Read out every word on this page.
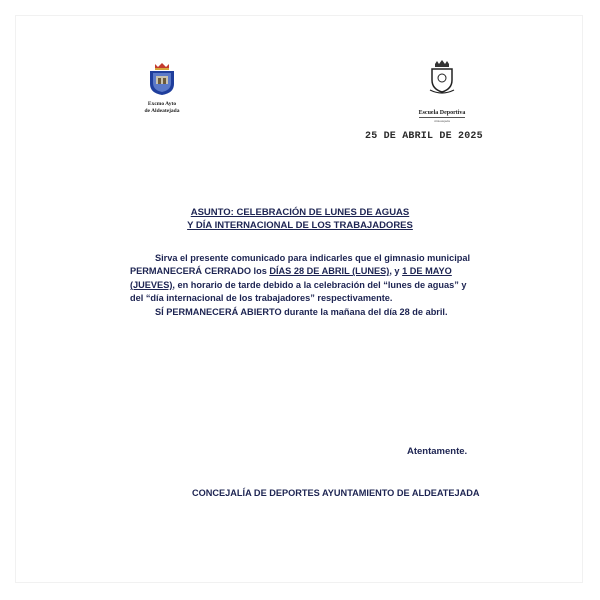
Excmo Ayto
de Aldeatejada	Escuela Deportiva
Aldeatejada
25 DE ABRIL DE 2025
ASUNTO: CELEBRACIÓN DE LUNES DE AGUAS
Y DÍA INTERNACIONAL DE LOS TRABAJADORES

Sirva el presente comunicado para indicarles que el gimnasio municipal PERMANECERÁ CERRADO los DÍAS 28 DE ABRIL (LUNES), y 1 DE MAYO (JUEVES), en horario de tarde debido a la celebración del “lunes de aguas” y del “día internacional de los trabajadores” respectivamente.

SÍ PERMANECERÁ ABIERTO durante la mañana del día 28 de abril.

Atentamente.
CONCEJALÍA DE DEPORTES AYUNTAMIENTO DE ALDEATEJADA
